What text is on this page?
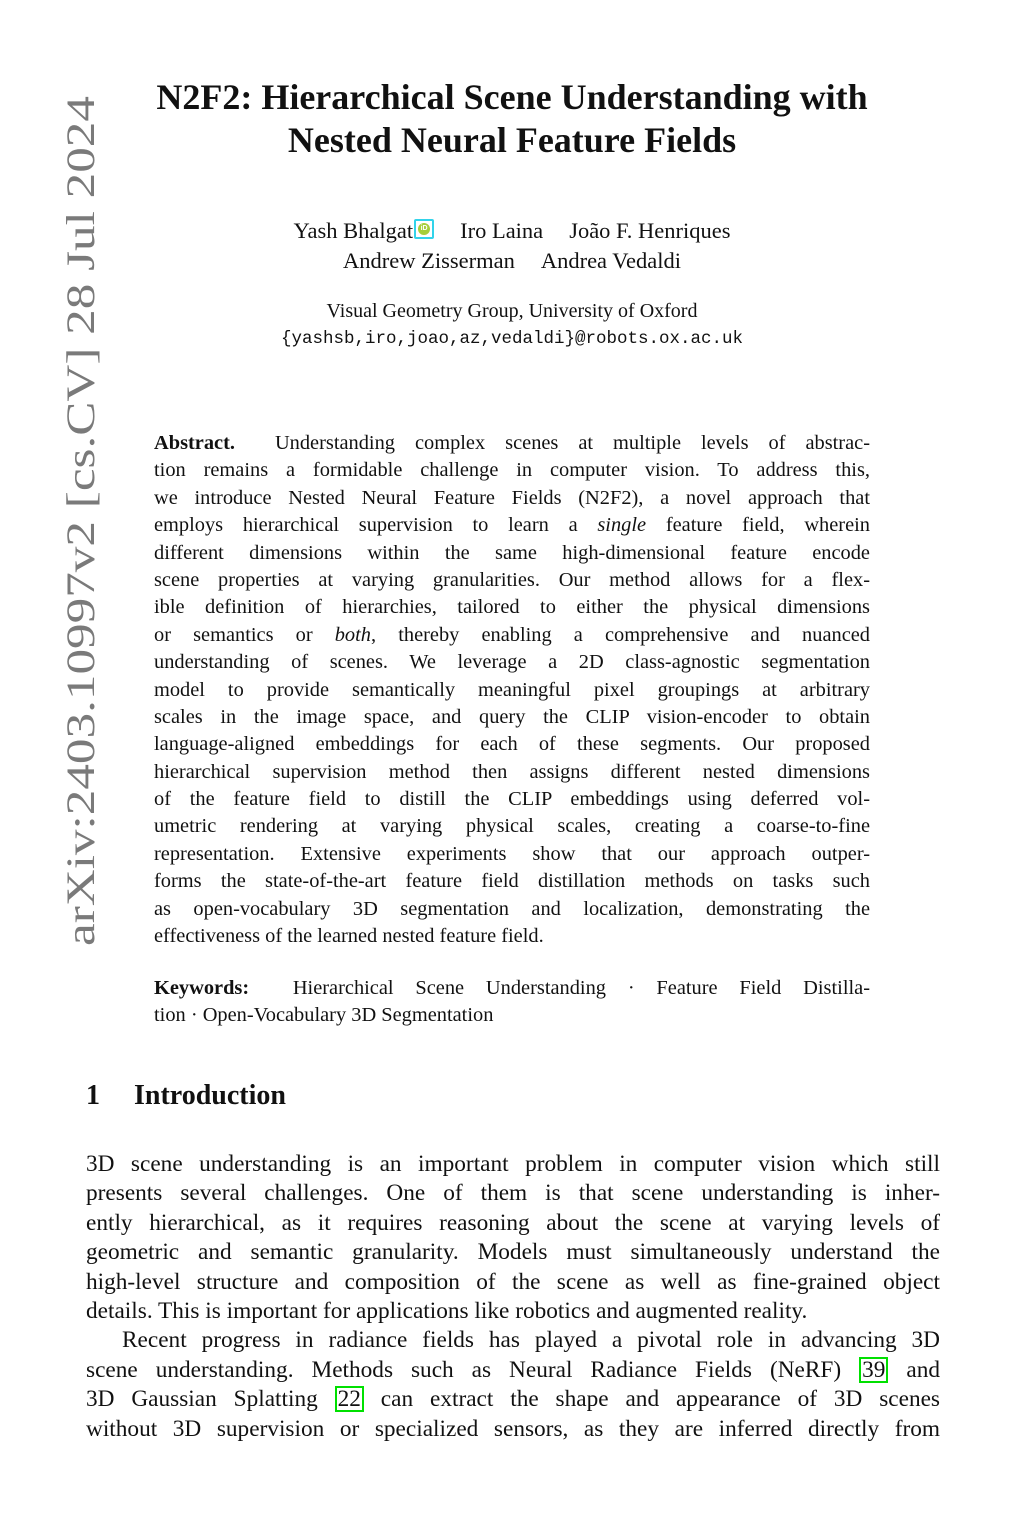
arXiv:2403.10997v2 [cs.CV] 28 Jul 2024
N2F2: Hierarchical Scene Understanding with
Nested Neural Feature Fields
Yash Bhalgat	iD Iro Laina João F. Henriques
Andrew Zisserman Andrea Vedaldi
Visual Geometry Group, University of Oxford
{yashsb,iro,joao,az,vedaldi}@robots.ox.ac.uk
Abstract. Understanding complex scenes at multiple levels of abstrac-
tion remains a formidable challenge in computer vision. To address this,
we introduce Nested Neural Feature Fields (N2F2), a novel approach that
employs hierarchical supervision to learn a single feature field, wherein
different dimensions within the same high-dimensional feature encode
scene properties at varying granularities. Our method allows for a flex-
ible definition of hierarchies, tailored to either the physical dimensions
or semantics or both, thereby enabling a comprehensive and nuanced
understanding of scenes. We leverage a 2D class-agnostic segmentation
model to provide semantically meaningful pixel groupings at arbitrary
scales in the image space, and query the CLIP vision-encoder to obtain
language-aligned embeddings for each of these segments. Our proposed
hierarchical supervision method then assigns different nested dimensions
of the feature field to distill the CLIP embeddings using deferred vol-
umetric rendering at varying physical scales, creating a coarse-to-fine
representation. Extensive experiments show that our approach outper-
forms the state-of-the-art feature field distillation methods on tasks such
as open-vocabulary 3D segmentation and localization, demonstrating the
effectiveness of the learned nested feature field.
Keywords: Hierarchical Scene Understanding · Feature Field Distilla-
tion · Open-Vocabulary 3D Segmentation
1 Introduction
3D scene understanding is an important problem in computer vision which still
presents several challenges. One of them is that scene understanding is inher-
ently hierarchical, as it requires reasoning about the scene at varying levels of
geometric and semantic granularity. Models must simultaneously understand the
high-level structure and composition of the scene as well as fine-grained object
details. This is important for applications like robotics and augmented reality.
Recent progress in radiance fields has played a pivotal role in advancing 3D
scene understanding. Methods such as Neural Radiance Fields (NeRF) 39 and
3D Gaussian Splatting 22 can extract the shape and appearance of 3D scenes
without 3D supervision or specialized sensors, as they are inferred directly from
